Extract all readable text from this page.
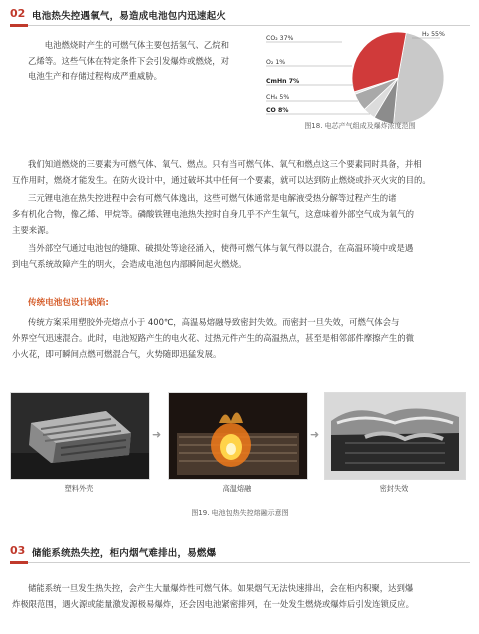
02 电池热失控遇氧气，易造成电池包内迅速起火

电池燃烧时产生的可燃气体主要包括氢气、乙烷和

乙烯等。这些气体在特定条件下会引发爆炸或燃烧，对

电池生产和存储过程构成严重威胁。

H₂ 55%
CO₂ 37%
O₂ 1%
CmHn 7%
CH₄ 5%
CO 8%
图18. 电芯产气组成及爆炸浓度范围

我们知道燃烧的三要素为可燃气体、氧气、燃点。只有当可燃气体、氧气和燃点这三个要素同时具备，并相

互作用时，燃烧才能发生。在防火设计中，通过破坏其中任何一个要素，就可以达到防止燃烧或扑灭火灾的目的。

三元锂电池在热失控进程中会有可燃气体逸出，这些可燃气体通常是电解液受热分解等过程产生的诸

多有机化合物，像乙烯、甲烷等。磷酸铁锂电池热失控时自身几乎不产生氧气，这意味着外部空气成为氧气的

主要来源。

当外部空气通过电池包的缝隙、破损处等途径涌入，使得可燃气体与氧气得以混合，在高温环境中或是遇

到电气系统故障产生的明火，会造成电池包内部瞬间起火燃烧。

传统电池包设计缺陷:

传统方案采用塑胶外壳熔点小于 400℃，高温易熔融导致密封失效。而密封一旦失效，可燃气体会与

外界空气迅速混合。此时，电池短路产生的电火花、过热元件产生的高温热点，甚至是相邻部件摩擦产生的微

小火花，即可瞬间点燃可燃混合气，火势随即迅猛发展。

➜	➜
塑料外壳	高温熔融	密封失效
图19. 电池包热失控熔融示意图
03 储能系统热失控，柜内烟气难排出，易燃爆

储能系统一旦发生热失控，会产生大量爆炸性可燃气体。如果烟气无法快速排出，会在柜内积聚，达到爆

炸极限范围，遇火源或能量激发源极易爆炸，还会因电池紧密排列，在一处发生燃烧或爆炸后引发连锁反应。
